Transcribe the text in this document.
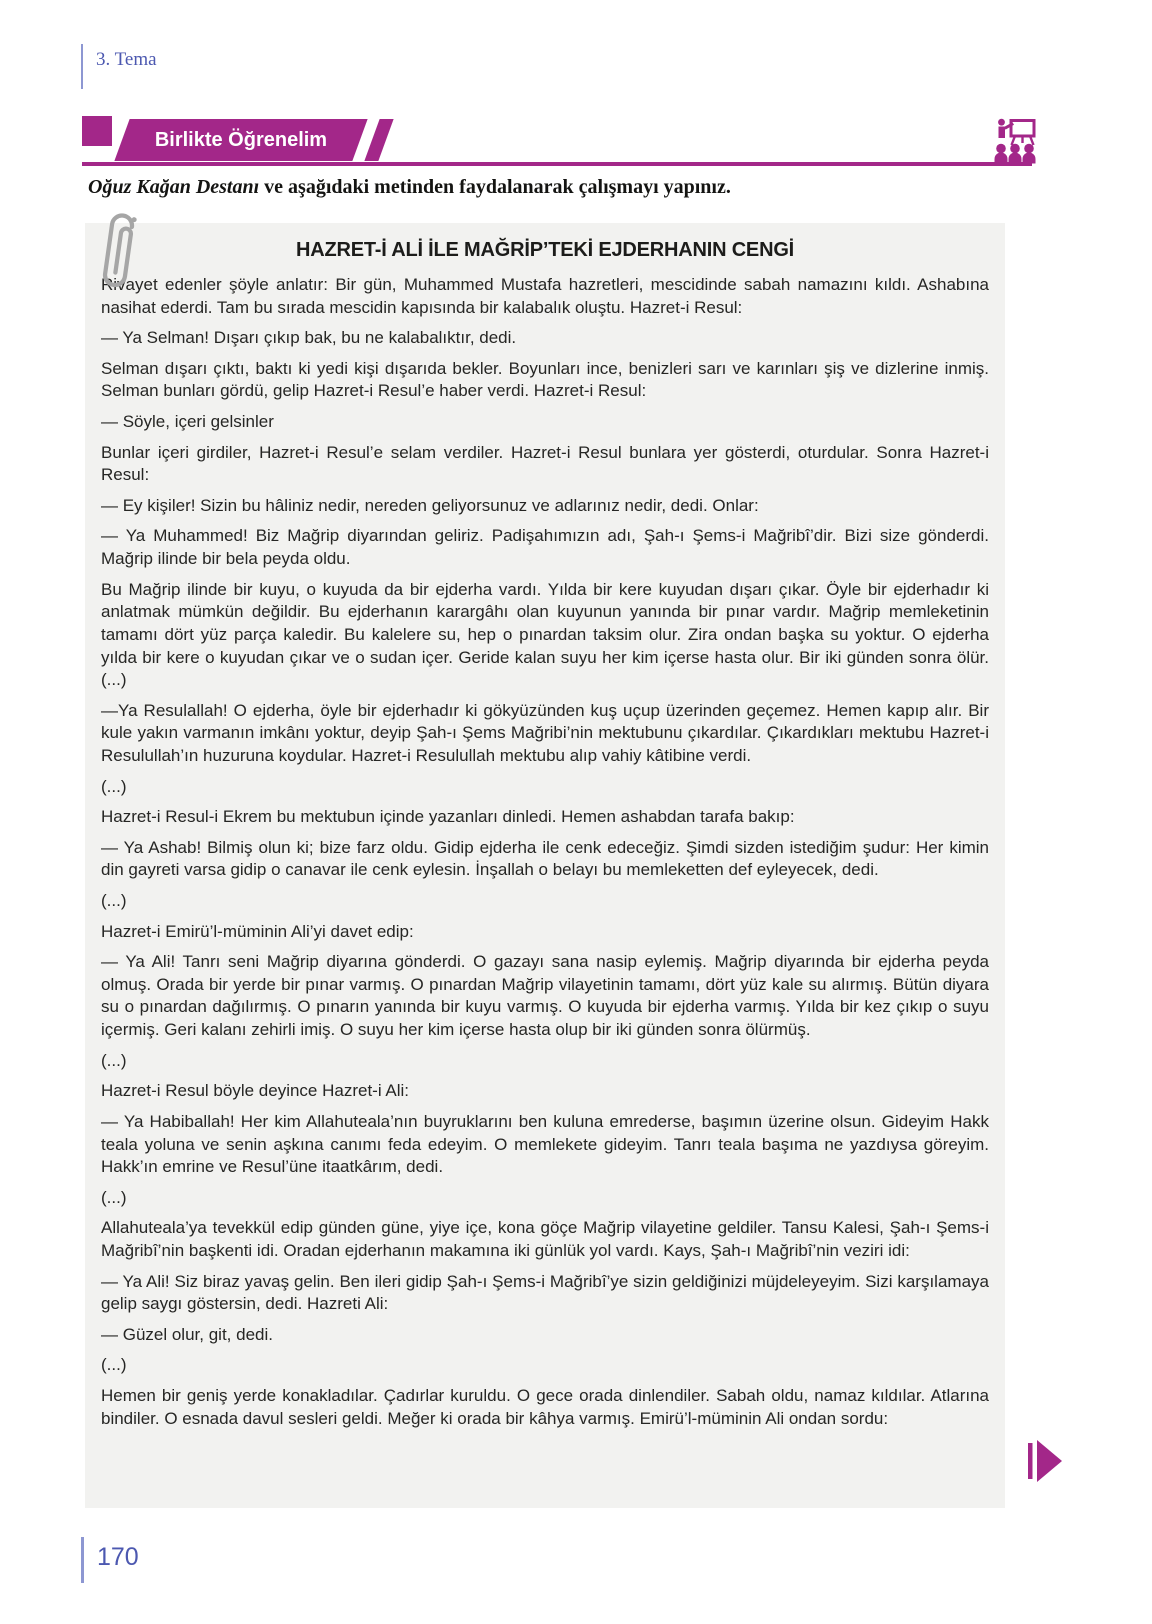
3. Tema
Birlikte Öğrenelim
Oğuz Kağan Destanı ve aşağıdaki metinden faydalanarak çalışmayı yapınız.
HAZRET-İ ALİ İLE MAĞRİP’TEKİ EJDERHANIN CENGİ

Rivayet edenler şöyle anlatır: Bir gün, Muhammed Mustafa hazretleri, mescidinde sabah namazını kıldı. Ashabına nasihat ederdi. Tam bu sırada mescidin kapısında bir kalabalık oluştu. Hazret-i Resul:

— Ya Selman! Dışarı çıkıp bak, bu ne kalabalıktır, dedi.

Selman dışarı çıktı, baktı ki yedi kişi dışarıda bekler. Boyunları ince, benizleri sarı ve karınları şiş ve dizlerine inmiş. Selman bunları gördü, gelip Hazret-i Resul’e haber verdi. Hazret-i Resul:

— Söyle, içeri gelsinler

Bunlar içeri girdiler, Hazret-i Resul’e selam verdiler. Hazret-i Resul bunlara yer gösterdi, oturdular. Sonra Hazret-i Resul:

— Ey kişiler! Sizin bu hâliniz nedir, nereden geliyorsunuz ve adlarınız nedir, dedi. Onlar:

— Ya Muhammed! Biz Mağrip diyarından geliriz. Padişahımızın adı, Şah-ı Şems-i Mağribî’dir. Bizi size gönderdi. Mağrip ilinde bir bela peyda oldu.

Bu Mağrip ilinde bir kuyu, o kuyuda da bir ejderha vardı. Yılda bir kere kuyudan dışarı çıkar. Öyle bir ejderhadır ki anlatmak mümkün değildir. Bu ejderhanın karargâhı olan kuyunun yanında bir pınar vardır. Mağrip memleketinin tamamı dört yüz parça kaledir. Bu kalelere su, hep o pınardan taksim olur. Zira ondan başka su yoktur. O ejderha yılda bir kere o kuyudan çıkar ve o sudan içer. Geride kalan suyu her kim içerse hasta olur. Bir iki günden sonra ölür. (...)

—Ya Resulallah! O ejderha, öyle bir ejderhadır ki gökyüzünden kuş uçup üzerinden geçemez. Hemen kapıp alır. Bir kule yakın varmanın imkânı yoktur, deyip Şah-ı Şems Mağribi’nin mektubunu çıkardılar. Çıkardıkları mektubu Hazret-i Resulullah’ın huzuruna koydular. Hazret-i Resulullah mektubu alıp vahiy kâtibine verdi.

(...)

Hazret-i Resul-i Ekrem bu mektubun içinde yazanları dinledi. Hemen ashabdan tarafa bakıp:

— Ya Ashab! Bilmiş olun ki; bize farz oldu. Gidip ejderha ile cenk edeceğiz. Şimdi sizden istediğim şudur: Her kimin din gayreti varsa gidip o canavar ile cenk eylesin. İnşallah o belayı bu memleketten def eyleyecek, dedi.

(...)

Hazret-i Emirü’l-müminin Ali’yi davet edip:

— Ya Ali! Tanrı seni Mağrip diyarına gönderdi. O gazayı sana nasip eylemiş. Mağrip diyarında bir ejderha peyda olmuş. Orada bir yerde bir pınar varmış. O pınardan Mağrip vilayetinin tamamı, dört yüz kale su alırmış. Bütün diyara su o pınardan dağılırmış. O pınarın yanında bir kuyu varmış. O kuyuda bir ejderha varmış. Yılda bir kez çıkıp o suyu içermiş. Geri kalanı zehirli imiş. O suyu her kim içerse hasta olup bir iki günden sonra ölürmüş.

(...)

Hazret-i Resul böyle deyince Hazret-i Ali:

— Ya Habiballah! Her kim Allahuteala’nın buyruklarını ben kuluna emrederse, başımın üzerine olsun. Gideyim Hakk teala yoluna ve senin aşkına canımı feda edeyim. O memlekete gideyim. Tanrı teala başıma ne yazdıysa göreyim. Hakk’ın emrine ve Resul’üne itaatkârım, dedi.

(...)

Allahuteala’ya tevekkül edip günden güne, yiye içe, kona göçe Mağrip vilayetine geldiler. Tansu Kalesi, Şah-ı Şems-i Mağribî’nin başkenti idi. Oradan ejderhanın makamına iki günlük yol vardı. Kays, Şah-ı Mağribî’nin veziri idi:

— Ya Ali! Siz biraz yavaş gelin. Ben ileri gidip Şah-ı Şems-i Mağribî’ye sizin geldiğinizi müjdeleyeyim. Sizi karşılamaya gelip saygı göstersin, dedi. Hazreti Ali:

— Güzel olur, git, dedi.

(...)

Hemen bir geniş yerde konakladılar. Çadırlar kuruldu. O gece orada dinlendiler. Sabah oldu, namaz kıldılar. Atlarına bindiler. O esnada davul sesleri geldi. Meğer ki orada bir kâhya varmış. Emirü’l-müminin Ali ondan sordu:

170
